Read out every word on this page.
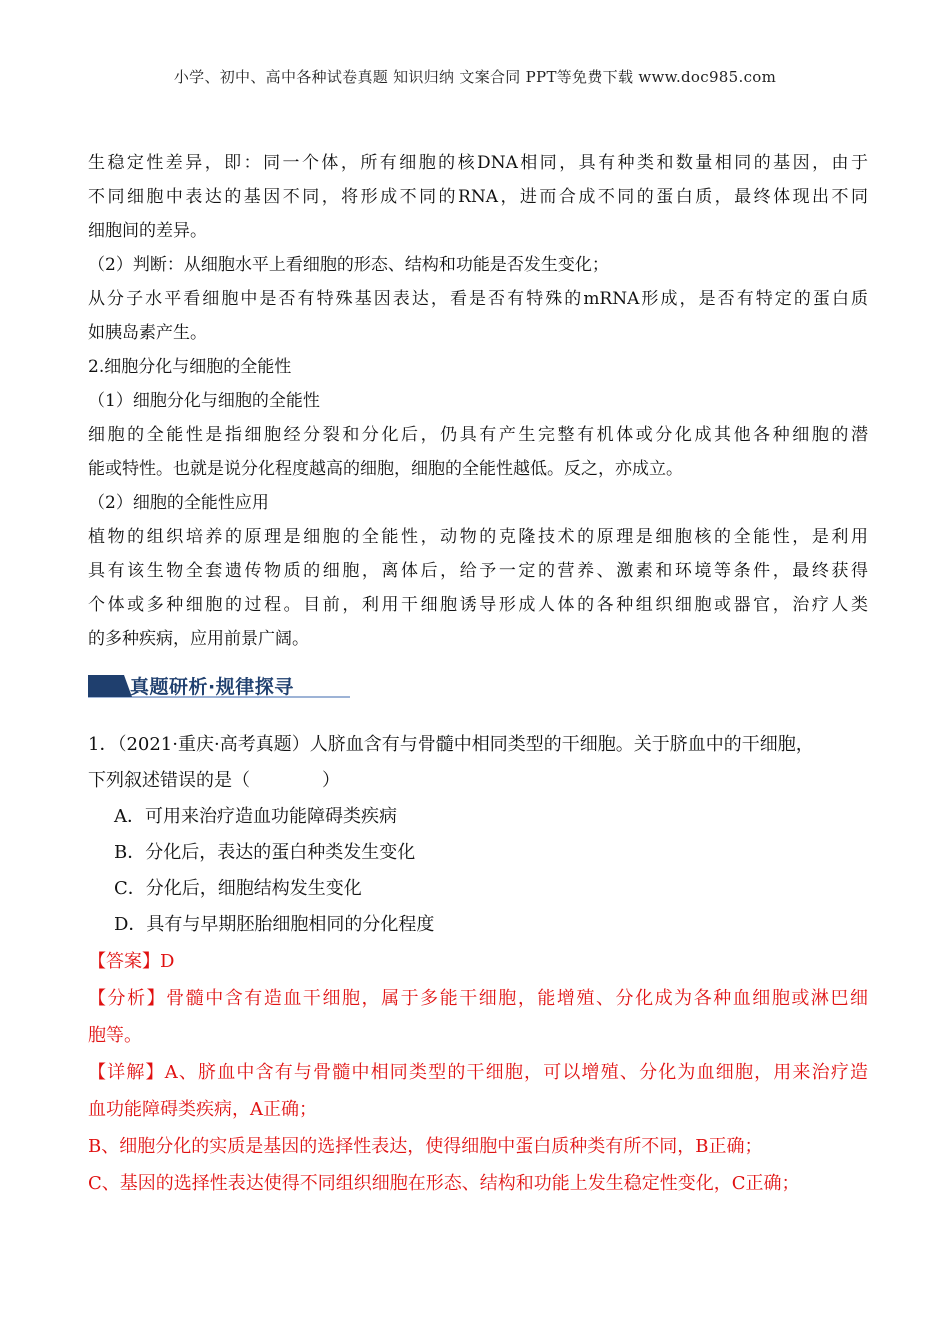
小学、初中、高中各种试卷真题 知识归纳 文案合同 PPT等免费下载 www.doc985.com
生稳定性差异，即：同一个体，所有细胞的核DNA相同，具有种类和数量相同的基因，由于
不同细胞中表达的基因不同，将形成不同的RNA，进而合成不同的蛋白质，最终体现出不同
细胞间的差异。
（2）判断：从细胞水平上看细胞的形态、结构和功能是否发生变化；
从分子水平看细胞中是否有特殊基因表达，看是否有特殊的mRNA形成，是否有特定的蛋白质
如胰岛素产生。
2.细胞分化与细胞的全能性
（1）细胞分化与细胞的全能性
细胞的全能性是指细胞经分裂和分化后，仍具有产生完整有机体或分化成其他各种细胞的潜
能或特性。也就是说分化程度越高的细胞，细胞的全能性越低。反之，亦成立。
（2）细胞的全能性应用
植物的组织培养的原理是细胞的全能性，动物的克隆技术的原理是细胞核的全能性，是利用
具有该生物全套遗传物质的细胞，离体后，给予一定的营养、激素和环境等条件，最终获得
个体或多种细胞的过程。目前，利用干细胞诱导形成人体的各种组织细胞或器官，治疗人类
的多种疾病，应用前景广阔。
真题研析·规律探寻
1．（2021·重庆·高考真题）人脐血含有与骨髓中相同类型的干细胞。关于脐血中的干细胞，
下列叙述错误的是（　　　　）
A．可用来治疗造血功能障碍类疾病
B．分化后，表达的蛋白种类发生变化
C．分化后，细胞结构发生变化
D．具有与早期胚胎细胞相同的分化程度
【答案】D
【分析】骨髓中含有造血干细胞，属于多能干细胞，能增殖、分化成为各种血细胞或淋巴细
胞等。
【详解】A、脐血中含有与骨髓中相同类型的干细胞，可以增殖、分化为血细胞，用来治疗造
血功能障碍类疾病，A正确；
B、细胞分化的实质是基因的选择性表达，使得细胞中蛋白质种类有所不同，B正确；
C、基因的选择性表达使得不同组织细胞在形态、结构和功能上发生稳定性变化，C正确；
